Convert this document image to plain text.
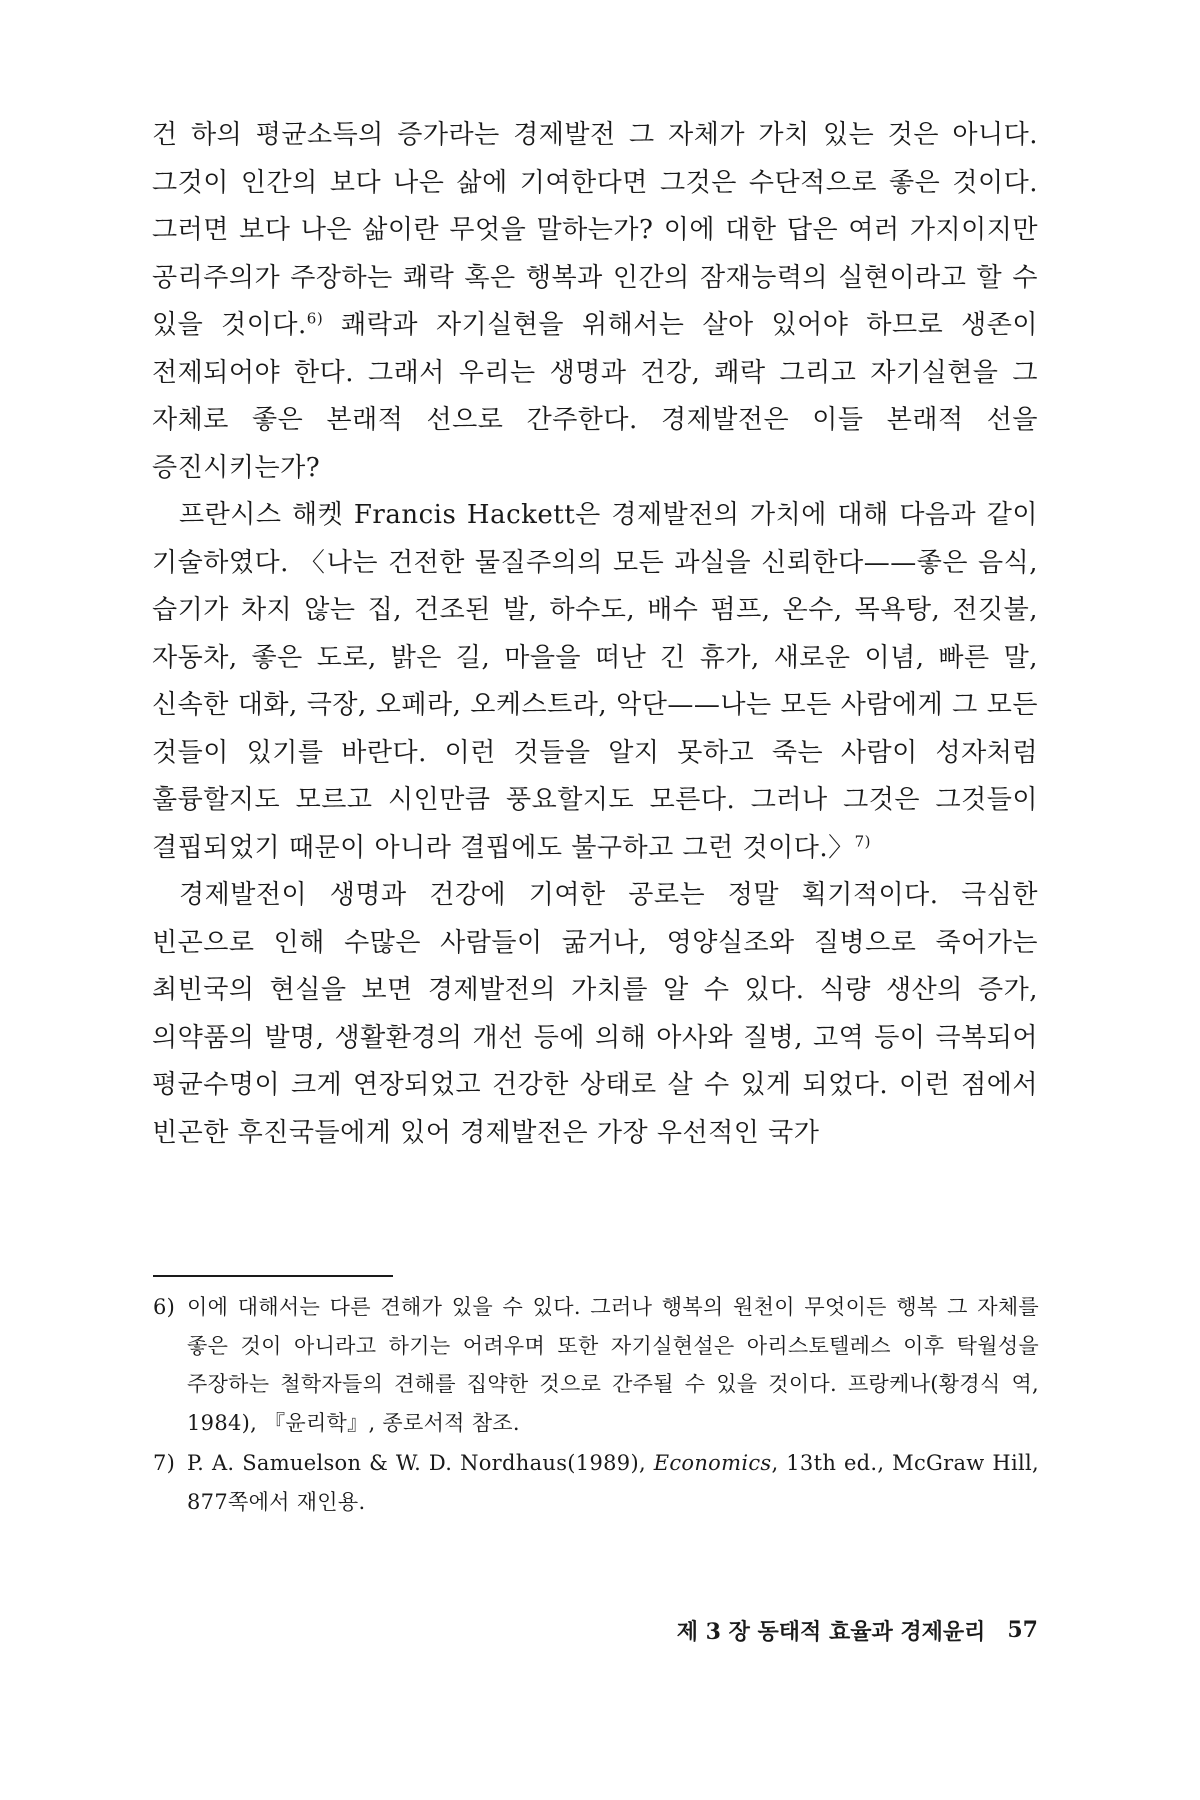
건 하의 평균소득의 증가라는 경제발전 그 자체가 가치 있는 것은 아니다. 그것이 인간의 보다 나은 삶에 기여한다면 그것은 수단적으로 좋은 것이다. 그러면 보다 나은 삶이란 무엇을 말하는가? 이에 대한 답은 여러 가지이지만 공리주의가 주장하는 쾌락 혹은 행복과 인간의 잠재능력의 실현이라고 할 수 있을 것이다.$^{6)}$ 쾌락과 자기실현을 위해서는 살아 있어야 하므로 생존이 전제되어야 한다. 그래서 우리는 생명과 건강, 쾌락 그리고 자기실현을 그 자체로 좋은 본래적 선으로 간주한다. 경제발전은 이들 본래적 선을 증진시키는가?

프란시스 해켓 Francis Hackett은 경제발전의 가치에 대해 다음과 같이 기술하였다. 〈나는 건전한 물질주의의 모든 과실을 신뢰한다——좋은 음식, 습기가 차지 않는 집, 건조된 발, 하수도, 배수 펌프, 온수, 목욕탕, 전깃불, 자동차, 좋은 도로, 밝은 길, 마을을 떠난 긴 휴가, 새로운 이념, 빠른 말, 신속한 대화, 극장, 오페라, 오케스트라, 악단——나는 모든 사람에게 그 모든 것들이 있기를 바란다. 이런 것들을 알지 못하고 죽는 사람이 성자처럼 훌륭할지도 모르고 시인만큼 풍요할지도 모른다. 그러나 그것은 그것들이 결핍되었기 때문이 아니라 결핍에도 불구하고 그런 것이다.〉$^{7)}$

경제발전이 생명과 건강에 기여한 공로는 정말 획기적이다. 극심한 빈곤으로 인해 수많은 사람들이 굶거나, 영양실조와 질병으로 죽어가는 최빈국의 현실을 보면 경제발전의 가치를 알 수 있다. 식량 생산의 증가, 의약품의 발명, 생활환경의 개선 등에 의해 아사와 질병, 고역 등이 극복되어 평균수명이 크게 연장되었고 건강한 상태로 살 수 있게 되었다. 이런 점에서 빈곤한 후진국들에게 있어 경제발전은 가장 우선적인 국가

6) 이에 대해서는 다른 견해가 있을 수 있다. 그러나 행복의 원천이 무엇이든 행복 그 자체를 좋은 것이 아니라고 하기는 어려우며 또한 자기실현설은 아리스토텔레스 이후 탁월성을 주장하는 철학자들의 견해를 집약한 것으로 간주될 수 있을 것이다. 프랑케나(황경식 역, 1984), 『윤리학』, 종로서적 참조.
7) P. A. Samuelson & W. D. Nordhaus(1989), Economics, 13th ed., McGraw Hill, 877쪽에서 재인용.
제 3 장 동태적 효율과 경제윤리 57
